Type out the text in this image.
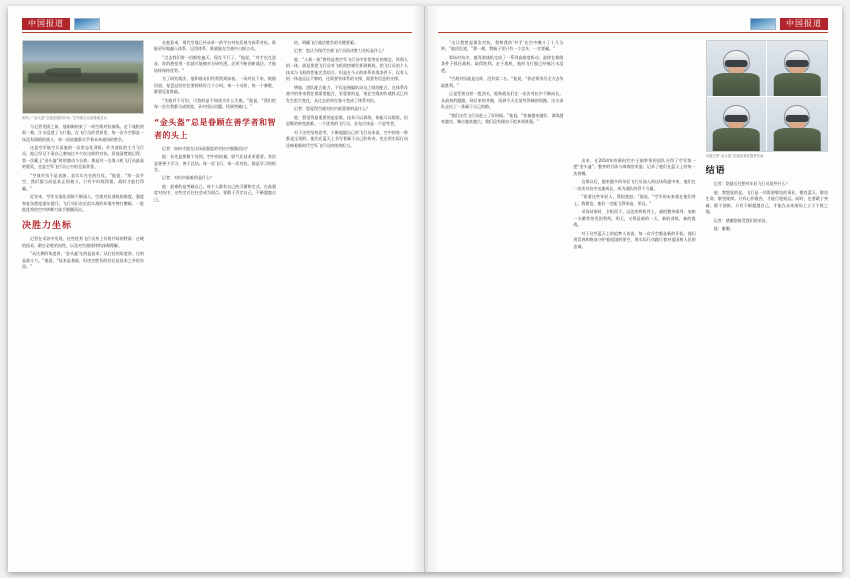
中国报道
资料／“金头盔”空战竞赛的开场／空军航空兵某基地官兵

与记者见面之前，他刚刚结束了一场空战对抗演练。走下战机的那一刻，汗水浸透了飞行服。在飞行员的世界里，每一次升空都是一场没有硝烟的战斗，每一次较量都关乎着未来战场的胜负。

这是空军航空兵某旅的一次常态化训练。作为部队的主力飞行员，他已经记不清自己参加过多少次这样的对抗。但他清楚地记得，第一次戴上“金头盔”时的激动与自豪。那是对一名战斗机飞行员最高的褒奖，也是空军飞行员心中的至高荣誉。

“空战对抗不是表演，是实实在在的打仗。”他说，“每一次升空，我们都当成是真正的战斗。只有平时练得狠，战时才能打得赢。”

近年来，空军实战化训练不断深入，空战对抗训练的难度、强度和复杂程度逐年提升。飞行员们在近似实战的环境中摔打磨砺，一批批优秀的空中拼刺刀高手脱颖而出。

决胜力坐标

记者在采访中发现，这些优秀飞行员身上有着共同的特质：过硬的技术、敢打必胜的血性，以及对空战规律的深刻理解。

“从比赛的角度讲，‘金头盔’比的是技术；从打仗的角度讲，比的是战斗力。”他说，“技术是基础，但决定胜负的往往是技术之外的东西。”

在他看来，现代空战已经从单一的平台对抗发展为体系对抗。谁能更好地融入体系、运用体系，谁就能在空战中占据主动。

“过去我们讲一招鲜吃遍天，现在不行了。”他说，“对手也在进步，你的绝招用一次就可能被对方研究透。必须不断创新战法，才能始终保持优势。”

为了研究战法，他和战友们经常熬到深夜。一场对抗下来，数据回放、复盘总结往往要持续好几个小时。每一个动作、每一个参数，都要反复推敲。

“失败并不可怕，可怕的是不知道为什么失败。”他说，“我们把每一次失利都当成财富，从中找出问题，找到突破口。”

“金头盔”总是眷顾在善学者和智者的头上

记者：如何才能在这场高强度的对抗中脱颖而出？

他：首先是要敢于亮剑。空中的较量，胆气比技术更重要。其次是要善于学习，善于总结。每一次飞行、每一次对抗，都是学习的机会。

记者：对抗中最难的是什么？

他：最难的是突破自己。每个人都有自己的习惯和定式，在高强度对抗中，这些定式往往会成为弱点。要敢于否定自己，不断超越自己。

结，明确飞行战法胜负的关键要素。

记者：您认为现代空战飞行员的决胜力坐标是什么？

他：“人机一体”曾经是我空军飞行员中非常突出的理念。所谓人机一体，就是要把飞行员对飞机的控制发挥到极致，把飞行员的个人技术与飞机的性能完美结合。但是在今天的体系作战条件下，仅有人机一体是远远不够的，还需要有体系的支撑，需要有信息的支撑。

例如，团队配合能力，不仅是指编队成员之间的配合，在体系作战中的你来我往都需要配合。更重要的是，现在空战的作战样式已经发生很大变化，从过去的单打独斗变成了体系对抗。

记者：您觉得空战对抗中最重要的是什么？

他：我觉得最重要的是思维。技术可以训练，体能可以锻炼，但思维的转变最难。一个优秀的飞行员，首先应该是一个思考者。

对于这些坚持思考、不断超越自己的飞行员来说，空中的每一秒都是宝贵的。他们在蓝天上书写着属于自己的传奇，也在用实际行动诠释着新时代空军飞行员的使命担当。

中国报道

“这让我想起那次对抗，我和我的‘对手’在空中缠斗了十几分钟。”他回忆道，“那一刻，我脑子里只有一个念头：一定要赢。”

那场对抗中，他驾驶战机完成了一系列高难度机动，最终在极限条件下抓住战机，取得胜利。走下战机，他的飞行服已经被汗水浸透。

“空战对抗就是这样，没有第二名。”他说，“你必须用尽全力去争取胜利。”

正是凭着这样一股劲头，他和战友们在一次次对抗中不断成长。从最初的跟跑，到后来的并跑，再到今天在某些领域的领跑，这支部队走出了一条属于自己的路。

“我们这代飞行员赶上了好时候。”他说，“装备越来越好，训练越来越实，舞台越来越大。我们没有理由不把本领练强。”

出来，在2014年的新时代中王刚率领的团队分得了空军第一把“金头盔”。整齐的方阵与飒爽的英姿，记录了他们在蓝天上的每一次拼搏。

自那以后，越来越多的年轻飞行员加入到这场角逐中来。他们在一次次对抗中迅速成长，成为部队的骨干力量。

“看着这些年轻人，我很欣慰。”他说，“空军的未来就在他们身上。我相信，他们一定能飞得更高、更远。”

采访结束时，夕阳西下。远处的停机坪上，战机整齐排列，宛如一支蓄势待发的利剑。明天，又将是新的一天，新的训练，新的挑战。

对于这些蓝天上的追梦人来说，每一次升空都是新的开始。他们用青春和热血守护着祖国的领空，用实际行动践行着对祖国和人民的忠诚。

历届空军“金头盔”空战竞赛优胜者代表
结语

记者：您最后还想对年轻飞行员说些什么？

他：我想说的是，飞行是一项需要敬畏的事业。敬畏蓝天，敬畏生命，敬畏规律。只有心怀敬畏，才能行稳致远。同时，也要敢于突破，敢于创新。只有不断超越自己，才能在未来战场上立于不败之地。

记者：感谢您接受我们的采访。

他：谢谢。
